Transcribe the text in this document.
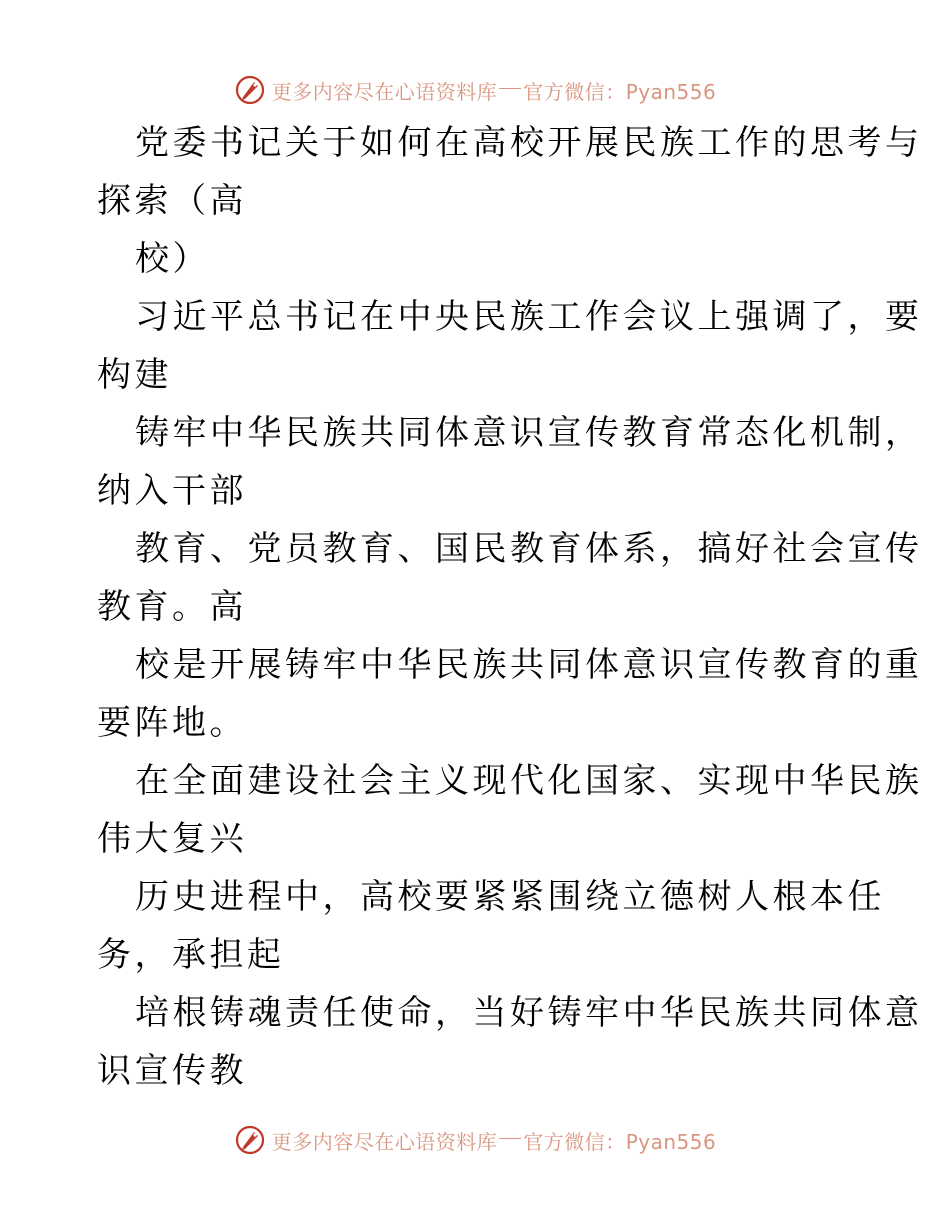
更多内容尽在心语资料库 官方微信：Pyan556
党委书记关于如何在高校开展民族工作的思考与
探索（高
校）
习近平总书记在中央民族工作会议上强调了，要
构建
铸牢中华民族共同体意识宣传教育常态化机制，
纳入干部
教育、党员教育、国民教育体系，搞好社会宣传
教育。高
校是开展铸牢中华民族共同体意识宣传教育的重
要阵地。
在全面建设社会主义现代化国家、实现中华民族
伟大复兴
历史进程中，高校要紧紧围绕立德树人根本任
务，承担起
培根铸魂责任使命，当好铸牢中华民族共同体意
识宣传教
更多内容尽在心语资料库 官方微信：Pyan556
